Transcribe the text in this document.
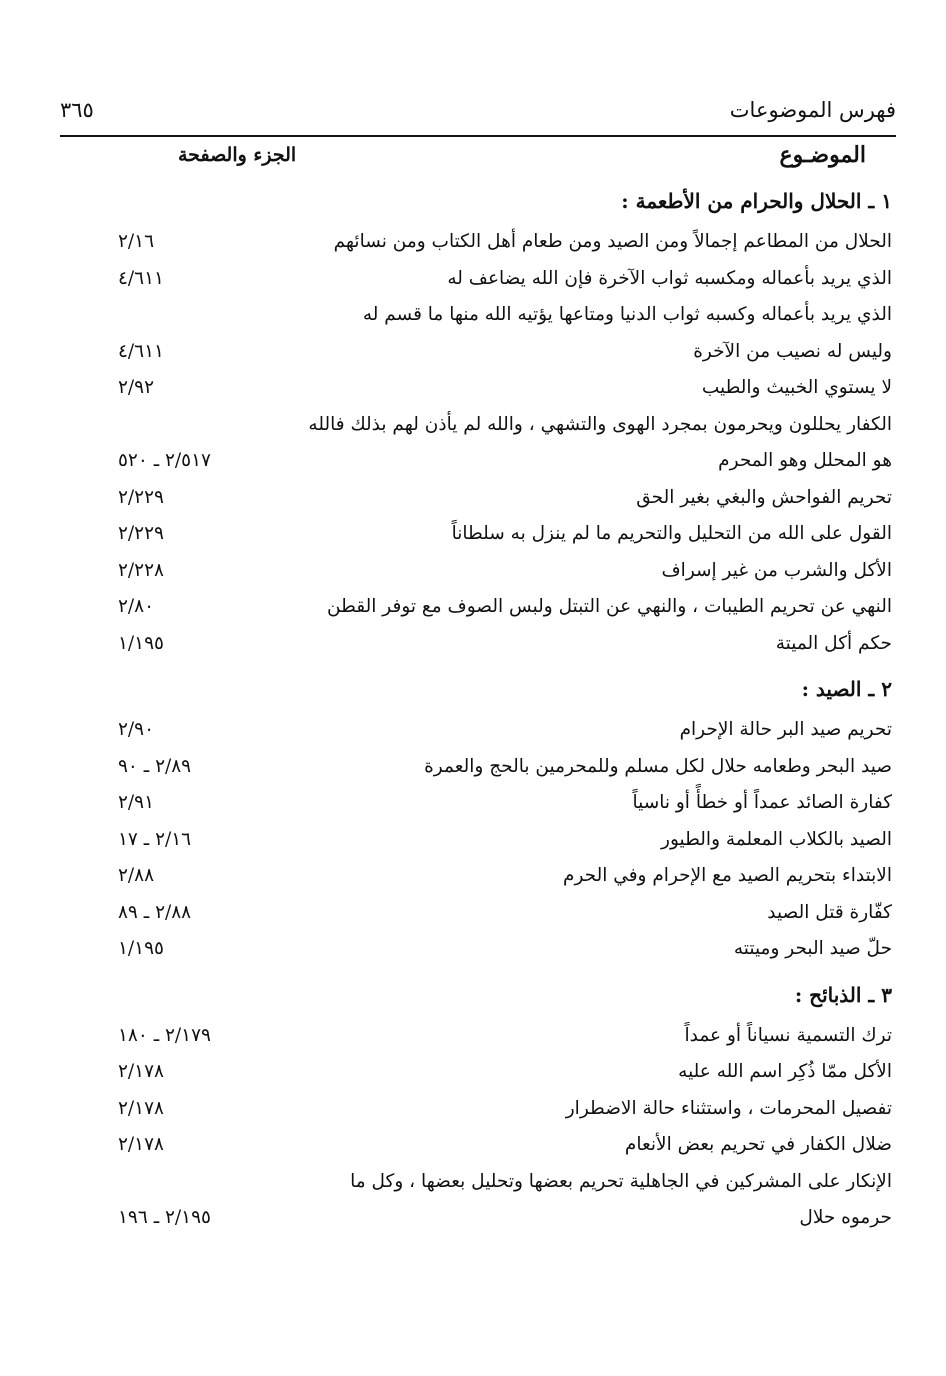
فهرس الموضوعات
٣٦٥
الموضـوع
الجزء والصفحة
١ ـ الحلال والحرام من الأطعمة :
الحلال من المطاعم إجمالاً ومن الصيد ومن طعام أهل الكتاب ومن نسائهم
٢/١٦
الذي يريد بأعماله ومكسبه ثواب الآخرة فإن الله يضاعف له
٤/٦١١
الذي يريد بأعماله وكسبه ثواب الدنيا ومتاعها يؤتيه الله منها ما قسم له
وليس له نصيب من الآخرة
٤/٦١١
لا يستوي الخبيث والطيب
٢/٩٢
الكفار يحللون ويحرمون بمجرد الهوى والتشهي ، والله لم يأذن لهم بذلك فالله
هو المحلل وهو المحرم
٢/٥١٧ ـ ٥٢٠
تحريم الفواحش والبغي بغير الحق
٢/٢٢٩
القول على الله من التحليل والتحريم ما لم ينزل به سلطاناً
٢/٢٢٩
الأكل والشرب من غير إسراف
٢/٢٢٨
النهي عن تحريم الطيبات ، والنهي عن التبتل ولبس الصوف مع توفر القطن
٢/٨٠
حكم أكل الميتة
١/١٩٥
٢ ـ الصيد :
تحريم صيد البر حالة الإحرام
٢/٩٠
صيد البحر وطعامه حلال لكل مسلم وللمحرمين بالحج والعمرة
٢/٨٩ ـ ٩٠
كفارة الصائد عمداً أو خطأً أو ناسياً
٢/٩١
الصيد بالكلاب المعلمة والطيور
٢/١٦ ـ ١٧
الابتداء بتحريم الصيد مع الإحرام وفي الحرم
٢/٨٨
كفّارة قتل الصيد
٢/٨٨ ـ ٨٩
حلّ صيد البحر وميتته
١/١٩٥
٣ ـ الذبائح :
ترك التسمية نسياناً أو عمداً
٢/١٧٩ ـ ١٨٠
الأكل ممّا ذُكِر اسم الله عليه
٢/١٧٨
تفصيل المحرمات ، واستثناء حالة الاضطرار
٢/١٧٨
ضلال الكفار في تحريم بعض الأنعام
٢/١٧٨
الإنكار على المشركين في الجاهلية تحريم بعضها وتحليل بعضها ، وكل ما
حرموه حلال
٢/١٩٥ ـ ١٩٦
